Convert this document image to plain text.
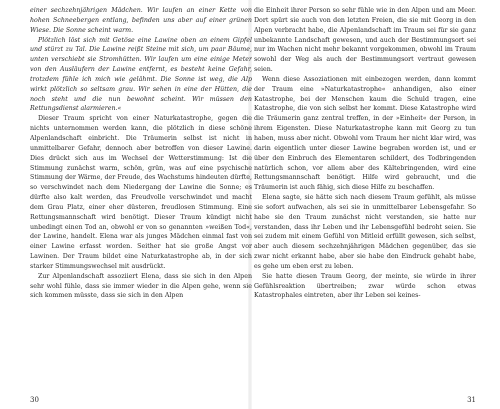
einer sechzehnjährigen Mädchen. Wir laufen an einer Kette von hohen Schneebergen entlang, befinden uns aber auf einer grünen Wiese. Die Sonne scheint warm.

Plötzlich löst sich mit Getöse eine Lawine oben an einem Gipfel und stürzt zu Tal. Die Lawine reißt Steine mit sich, um paar Bäume, unten verschiebt sie Stromhütten. Wir laufen um eine einige Meter von den Ausläufern der Lawine entfernt, es besteht keine Gefahr, trotzdem fühle ich mich wie gelähmt. Die Sonne ist weg, die Alp wirkt plötzlich so seltsam grau. Wir sehen in eine der Hütten, die noch steht und die nun bewohnt scheint. Wir müssen den Rettungsdienst alarmieren.«

Dieser Traum spricht von einer Naturkatastrophe, gegen die nichts unternommen werden kann, die plötzlich in diese schöne Alpenlandschaft einbricht. Die Träumerin selbst ist nicht in unmittelbarer Gefahr, dennoch aber betroffen von dieser Lawine. Dies drückt sich aus im Wechsel der Wetterstimmung: Ist die Stimmung zunächst warm, schön, grün, was auf eine psychische Stimmung der Wärme, der Freude, des Wachstums hindeuten dürfte, so verschwindet nach dem Niedergang der Lawine die Sonne; es dürfte also kalt werden, das Freudvolle verschwindet und macht dem Grau Platz, einer eher düsteren, freudlosen Stimmung. Eine Rettungsmannschaft wird benötigt. Dieser Traum kündigt nicht unbedingt einen Tod an, obwohl er von so genannten »weißen Tod«, der Lawine, handelt. Elena war als junges Mädchen einmal fast von einer Lawine erfasst worden. Seither hat sie große Angst vor Lawinen. Der Traum bildet eine Naturkatastrophe ab, in der sich starker Stimmungswechsel mit ausdrückt.

Zur Alpenlandschaft assoziiert Elena, dass sie sich in den Alpen sehr wohl fühle, dass sie immer wieder in die Alpen gehe, wenn sie sich kommen müsste, dass sie sich in den Alpen

30

die Einheit ihrer Person so sehr fühle wie in den Alpen und am Meer. Dort spürt sie auch von den letzten Freien, die sie mit Georg in den Alpen verbracht habe, die Alpenlandschaft im Traum sei für sie ganz unbekannte Landschaft gewesen, und auch der Bestimmungsort sei nur im Wachen nicht mehr bekannt vorgekommen, obwohl im Traum sowohl der Weg als auch der Bestimmungsort vertraut gewesen seien.

Wenn diese Assoziationen mit einbezogen werden, dann kommt der Traum eine »Naturkatastrophe« anhandigen, also einer Katastrophe, bei der Menschen kaum die Schuld tragen, eine Katastrophe, die von sich selbst her kommt. Diese Katastrophe wird die Träumerin ganz zentral treffen, in der »Einheit« der Person, in ihrem Eigensten. Diese Naturkatastrophe kann mit Georg zu tun haben, muss aber nicht. Obwohl vom Traum her nicht klar wird, was darin eigentlich unter dieser Lawine begraben worden ist, und er über den Einbruch des Elementaren schildert, des Todbringenden natürlich schon, vor allem aber des Kältebringenden, wird eine Rettungsmannschaft benötigt. Hilfe wird gebraucht, und die Träumerin ist auch fähig, sich diese Hilfe zu beschaffen.

Elena sagte, sie hätte sich nach diesem Traum gefühlt, als müsse sie sofort aufwachen, als sei sie in unmittelbarer Lebensgefahr. So habe sie den Traum zunächst nicht verstanden, sie hatte nur verstanden, dass ihr Leben und ihr Lebensgefühl bedroht seien. Sie sei zudem mit einem Gefühl von Mitleid erfüllt gewesen, sich selbst, aber auch diesem sechzehnjährigen Mädchen gegenüber, das sie zwar nicht erkannt habe, aber sie habe den Eindruck gehabt habe, es gehe um eben erst zu leben.

Sie hatte diesen Traum Georg, der meinte, sie würde in ihrer Gefühlsreaktion übertreiben; zwar würde schon etwas Katastrophales eintreten, aber ihr Leben sei keines-

31
